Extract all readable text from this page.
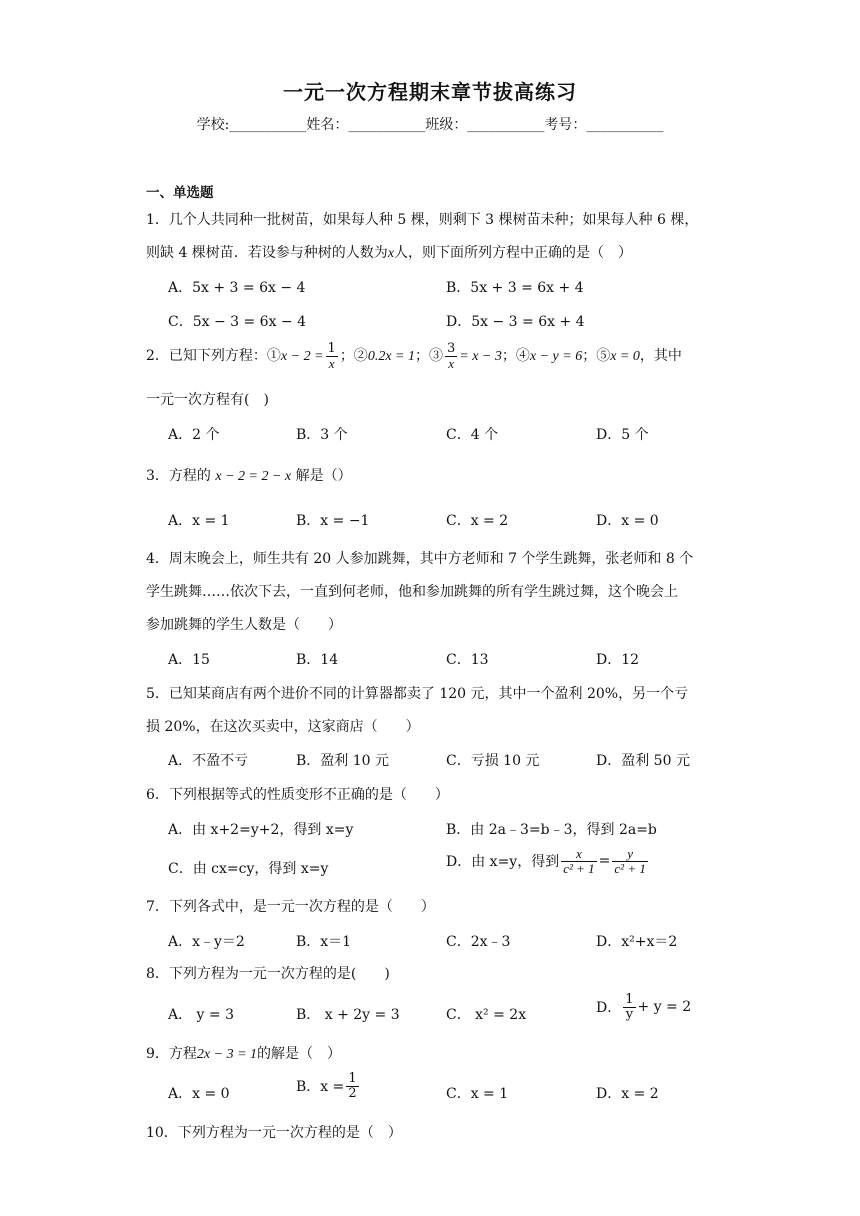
一元一次方程期末章节拔高练习
学校:___________姓名：___________班级：___________考号：___________
一、单选题
1．几个人共同种一批树苗，如果每人种 5 棵，则剩下 3 棵树苗未种；如果每人种 6 棵，
则缺 4 棵树苗．若设参与种树的人数为x人，则下面所列方程中正确的是（　）
A．5x + 3 = 6x − 4	B．5x + 3 = 6x + 4
C．5x − 3 = 6x − 4	D．5x − 3 = 6x + 4
2．已知下列方程：①x − $2 = \frac{1}{x}$ ；②0.2x = 1；③ $\frac{3}{x} = x - 3$；④x − y = 6；⑤x = 0，其中
一元一次方程有(　)
A．2 个	B．3 个	C．4 个	D．5 个
3．方程的 x − 2 = 2 − x 解是（）
A．x = 1	B．x = −1	C．x = 2	D．x = 0
4．周末晚会上，师生共有 20 人参加跳舞，其中方老师和 7 个学生跳舞，张老师和 8 个
学生跳舞……依次下去，一直到何老师，他和参加跳舞的所有学生跳过舞，这个晚会上
参加跳舞的学生人数是（　　）
A．15	B．14	C．13	D．12
5．已知某商店有两个进价不同的计算器都卖了 120 元，其中一个盈利 20%，另一个亏
损 20%，在这次买卖中，这家商店（　　）
A．不盈不亏	B．盈利 10 元	C．亏损 10 元	D．盈利 50 元
6．下列根据等式的性质变形不正确的是（　　）
A．由 x+2=y+2，得到 x=y	B．由 2a﹣3=b﹣3，得到 2a=b
C．由 cx=cy，得到 x=y	D．由 x=y，得到 $\frac{x}{\text{c² + 1}} = \frac{y}{\text{c² + 1}}$
7．下列各式中，是一元一次方程的是（　　）
A．x﹣y＝2	B．x＝1	C．2x﹣3	D．x²+x＝2
8．下列方程为一元一次方程的是(　　)
A． y = 3	B． x + 2y = 3	C． x² = 2x	D． $\frac{1}{y} + y = 2$
9．方程2x − 3 = 1的解是（　）
A．x = 0	B．$x = \frac{1}{2}$	C．x = 1	D．x = 2
10．下列方程为一元一次方程的是（　）
